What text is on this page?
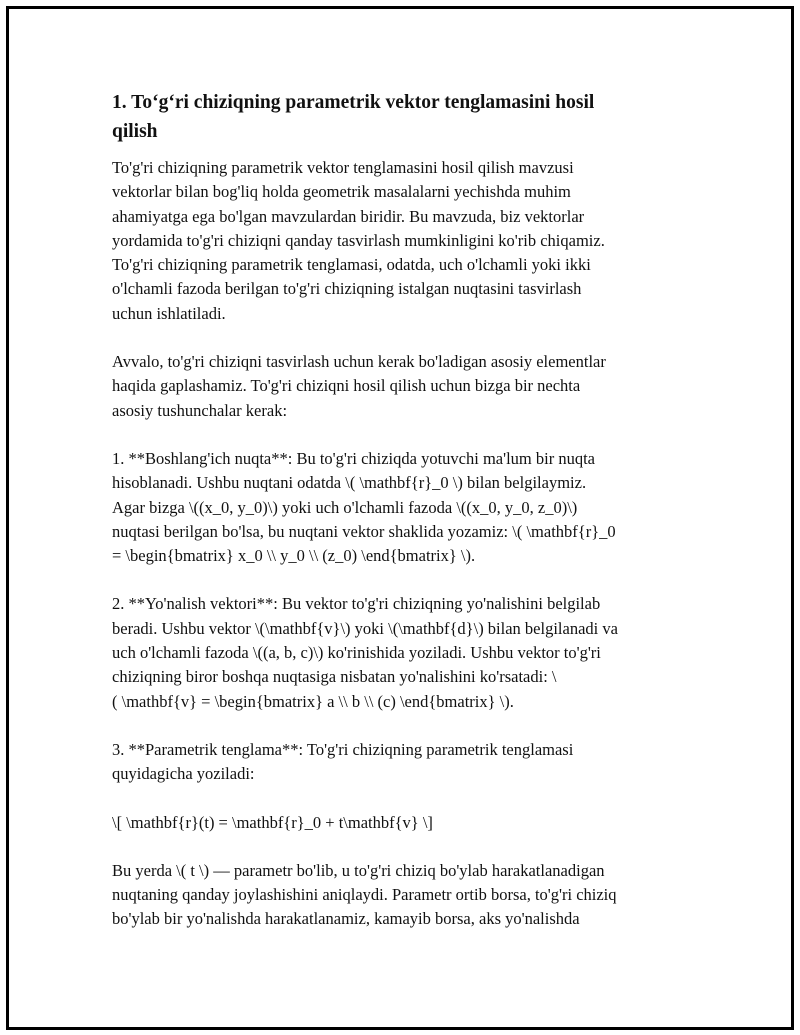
1. To‘g‘ri chiziqning parametrik vektor tenglamasini hosil
qilish

To'g'ri chiziqning parametrik vektor tenglamasini hosil qilish mavzusi
vektorlar bilan bog'liq holda geometrik masalalarni yechishda muhim
ahamiyatga ega bo'lgan mavzulardan biridir. Bu mavzuda, biz vektorlar
yordamida to'g'ri chiziqni qanday tasvirlash mumkinligini ko'rib chiqamiz.
To'g'ri chiziqning parametrik tenglamasi, odatda, uch o'lchamli yoki ikki
o'lchamli fazoda berilgan to'g'ri chiziqning istalgan nuqtasini tasvirlash
uchun ishlatiladi.

Avvalo, to'g'ri chiziqni tasvirlash uchun kerak bo'ladigan asosiy elementlar
haqida gaplashamiz. To'g'ri chiziqni hosil qilish uchun bizga bir nechta
asosiy tushunchalar kerak:

1. **Boshlang'ich nuqta**: Bu to'g'ri chiziqda yotuvchi ma'lum bir nuqta
hisoblanadi. Ushbu nuqtani odatda \( \mathbf{r}_0 \) bilan belgilaymiz.
Agar bizga \((x_0, y_0)\) yoki uch o'lchamli fazoda \((x_0, y_0, z_0)\)
nuqtasi berilgan bo'lsa, bu nuqtani vektor shaklida yozamiz: \( \mathbf{r}_0
= \begin{bmatrix} x_0 \\ y_0 \\ (z_0) \end{bmatrix} \).

2. **Yo'nalish vektori**: Bu vektor to'g'ri chiziqning yo'nalishini belgilab
beradi. Ushbu vektor \(\mathbf{v}\) yoki \(\mathbf{d}\) bilan belgilanadi va
uch o'lchamli fazoda \((a, b, c)\) ko'rinishida yoziladi. Ushbu vektor to'g'ri
chiziqning biror boshqa nuqtasiga nisbatan yo'nalishini ko'rsatadi: \
( \mathbf{v} = \begin{bmatrix} a \\ b \\ (c) \end{bmatrix} \).

3. **Parametrik tenglama**: To'g'ri chiziqning parametrik tenglamasi
quyidagicha yoziladi:

\[ \mathbf{r}(t) = \mathbf{r}_0 + t\mathbf{v} \]

Bu yerda \( t \) — parametr bo'lib, u to'g'ri chiziq bo'ylab harakatlanadigan
nuqtaning qanday joylashishini aniqlaydi. Parametr ortib borsa, to'g'ri chiziq
bo'ylab bir yo'nalishda harakatlanamiz, kamayib borsa, aks yo'nalishda
